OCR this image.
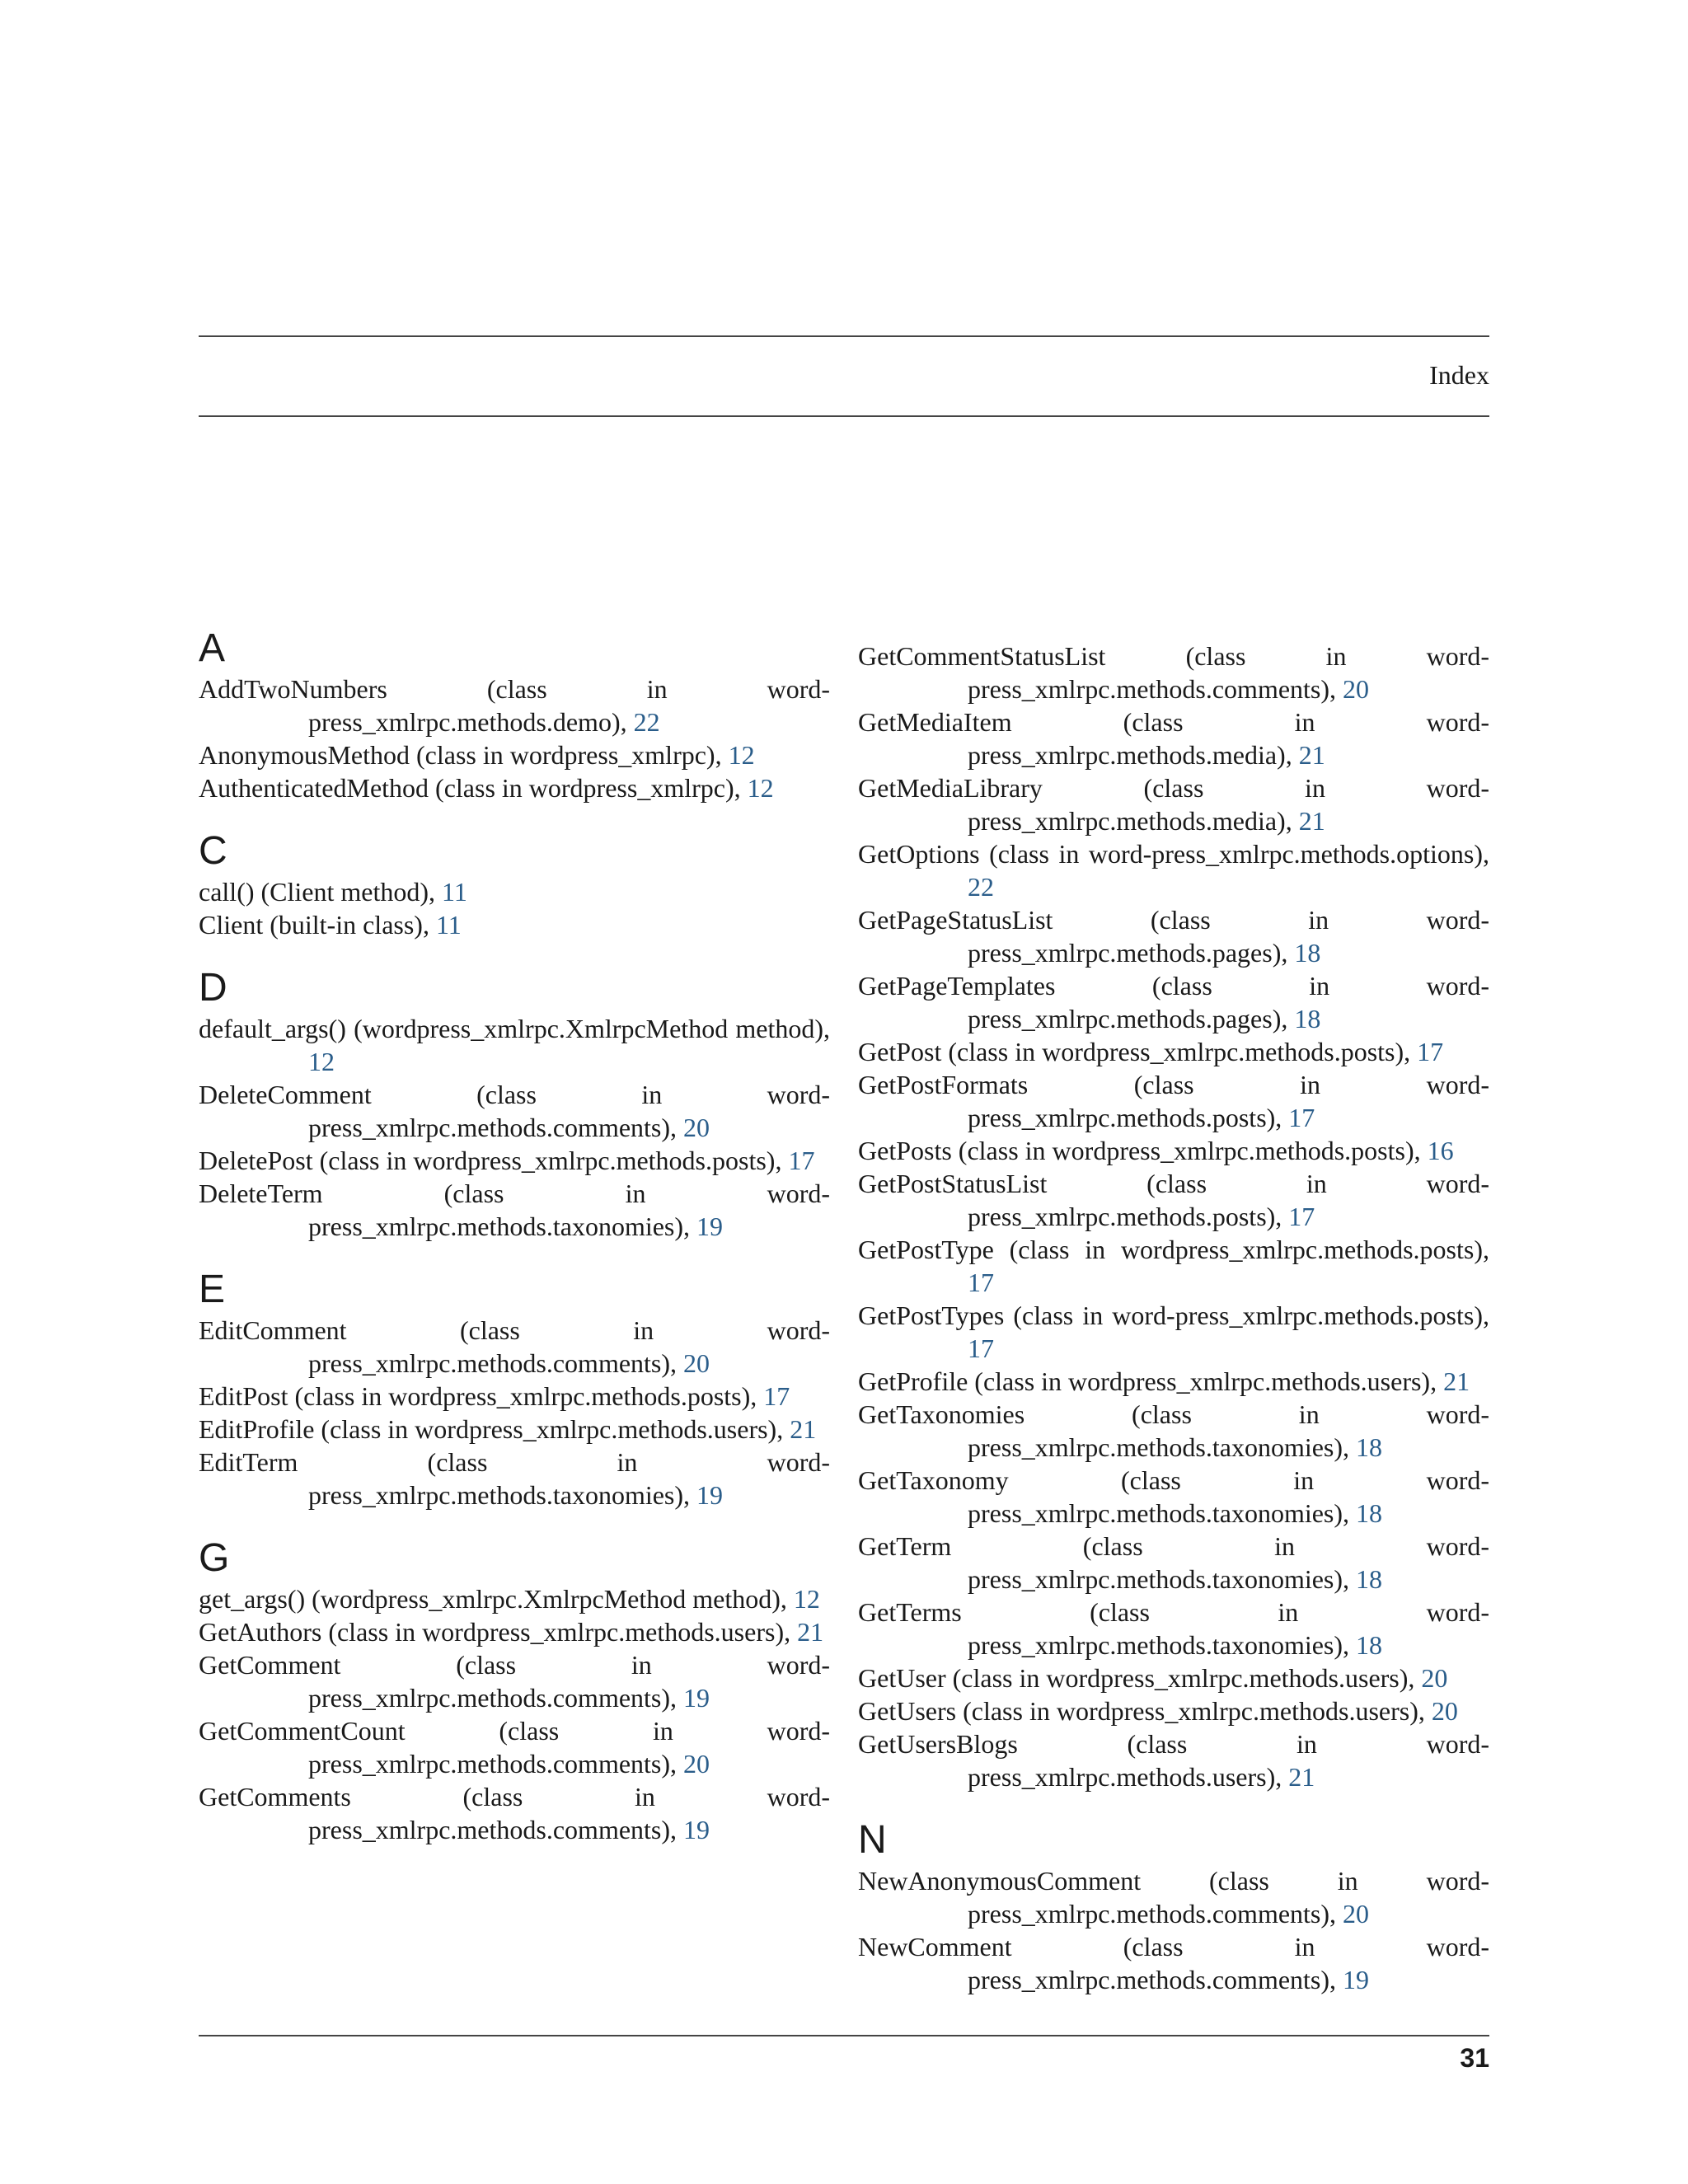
Index
A

AddTwoNumbers (class in word-press_xmlrpc.methods.demo), 22

AnonymousMethod (class in wordpress_xmlrpc), 12

AuthenticatedMethod (class in wordpress_xmlrpc), 12

C

call() (Client method), 11

Client (built-in class), 11

D

default_args() (wordpress_xmlrpc.XmlrpcMethod method), 12

DeleteComment (class in word-press_xmlrpc.methods.comments), 20

DeletePost (class in wordpress_xmlrpc.methods.posts), 17

DeleteTerm (class in word-press_xmlrpc.methods.taxonomies), 19

E

EditComment (class in word-press_xmlrpc.methods.comments), 20

EditPost (class in wordpress_xmlrpc.methods.posts), 17

EditProfile (class in wordpress_xmlrpc.methods.users), 21

EditTerm (class in word-press_xmlrpc.methods.taxonomies), 19

G

get_args() (wordpress_xmlrpc.XmlrpcMethod method), 12

GetAuthors (class in wordpress_xmlrpc.methods.users), 21

GetComment (class in word-press_xmlrpc.methods.comments), 19

GetCommentCount (class in word-press_xmlrpc.methods.comments), 20

GetComments (class in word-press_xmlrpc.methods.comments), 19

GetCommentStatusList (class in word-press_xmlrpc.methods.comments), 20

GetMediaItem (class in word-press_xmlrpc.methods.media), 21

GetMediaLibrary (class in word-press_xmlrpc.methods.media), 21

GetOptions (class in word-press_xmlrpc.methods.options), 22

GetPageStatusList (class in word-press_xmlrpc.methods.pages), 18

GetPageTemplates (class in word-press_xmlrpc.methods.pages), 18

GetPost (class in wordpress_xmlrpc.methods.posts), 17

GetPostFormats (class in word-press_xmlrpc.methods.posts), 17

GetPosts (class in wordpress_xmlrpc.methods.posts), 16

GetPostStatusList (class in word-press_xmlrpc.methods.posts), 17

GetPostType (class in wordpress_xmlrpc.methods.posts), 17

GetPostTypes (class in word-press_xmlrpc.methods.posts), 17

GetProfile (class in wordpress_xmlrpc.methods.users), 21

GetTaxonomies (class in word-press_xmlrpc.methods.taxonomies), 18

GetTaxonomy (class in word-press_xmlrpc.methods.taxonomies), 18

GetTerm (class in word-press_xmlrpc.methods.taxonomies), 18

GetTerms (class in word-press_xmlrpc.methods.taxonomies), 18

GetUser (class in wordpress_xmlrpc.methods.users), 20

GetUsers (class in wordpress_xmlrpc.methods.users), 20

GetUsersBlogs (class in word-press_xmlrpc.methods.users), 21

N

NewAnonymousComment (class in word-press_xmlrpc.methods.comments), 20

NewComment (class in word-press_xmlrpc.methods.comments), 19

31
